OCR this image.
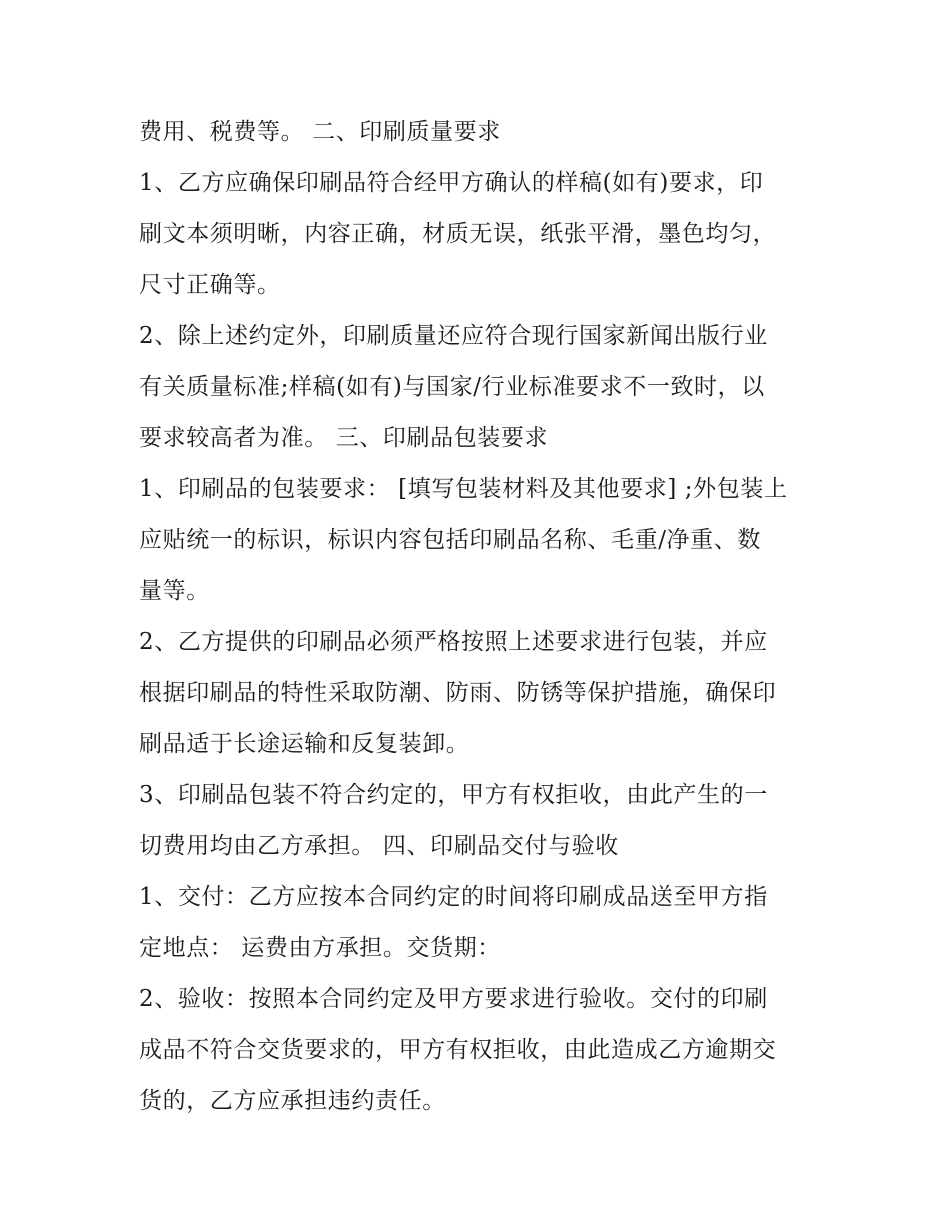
费用、税费等。 二、印刷质量要求
1、乙方应确保印刷品符合经甲方确认的样稿(如有)要求，印
刷文本须明晰，内容正确，材质无误，纸张平滑，墨色均匀，
尺寸正确等。
2、除上述约定外，印刷质量还应符合现行国家新闻出版行业
有关质量标准;样稿(如有)与国家/行业标准要求不一致时，以
要求较高者为准。 三、印刷品包装要求
1、印刷品的包装要求： [填写包装材料及其他要求] ;外包装上
应贴统一的标识，标识内容包括印刷品名称、毛重/净重、数
量等。
2、乙方提供的印刷品必须严格按照上述要求进行包装，并应
根据印刷品的特性采取防潮、防雨、防锈等保护措施，确保印
刷品适于长途运输和反复装卸。
3、印刷品包装不符合约定的，甲方有权拒收，由此产生的一
切费用均由乙方承担。 四、印刷品交付与验收
1、交付：乙方应按本合同约定的时间将印刷成品送至甲方指
定地点： 运费由方承担。交货期：
2、验收：按照本合同约定及甲方要求进行验收。交付的印刷
成品不符合交货要求的，甲方有权拒收，由此造成乙方逾期交
货的，乙方应承担违约责任。
